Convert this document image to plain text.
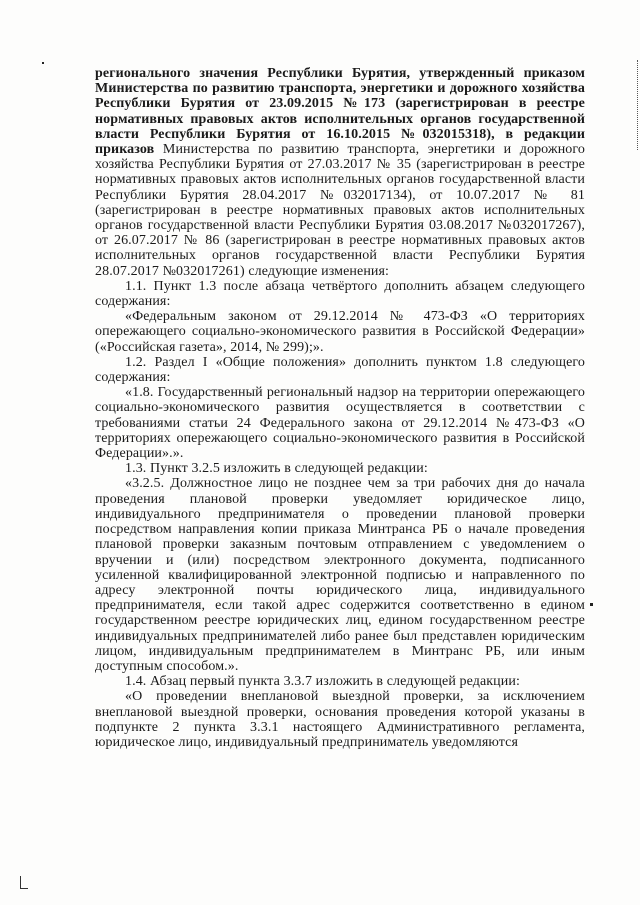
регионального значения Республики Бурятия, утвержденный приказом Министерства по развитию транспорта, энергетики и дорожного хозяйства Республики Бурятия от 23.09.2015 №173 (зарегистрирован в реестре нормативных правовых актов исполнительных органов государственной власти Республики Бурятия от 16.10.2015 №032015318), в редакции приказов Министерства по развитию транспорта, энергетики и дорожного хозяйства Республики Бурятия от 27.03.2017 № 35 (зарегистрирован в реестре нормативных правовых актов исполнительных органов государственной власти Республики Бурятия 28.04.2017 №032017134), от 10.07.2017 № 81 (зарегистрирован в реестре нормативных правовых актов исполнительных органов государственной власти Республики Бурятия 03.08.2017 №032017267), от 26.07.2017 № 86 (зарегистрирован в реестре нормативных правовых актов исполнительных органов государственной власти Республики Бурятия 28.07.2017 №032017261) следующие изменения:

1.1. Пункт 1.3 после абзаца четвёртого дополнить абзацем следующего содержания:

«Федеральным законом от 29.12.2014 № 473-ФЗ «О территориях опережающего социально-экономического развития в Российской Федерации» («Российская газета», 2014, № 299);».

1.2. Раздел I «Общие положения» дополнить пунктом 1.8 следующего содержания:

«1.8. Государственный региональный надзор на территории опережающего социально-экономического развития осуществляется в соответствии с требованиями статьи 24 Федерального закона от 29.12.2014 №473-ФЗ «О территориях опережающего социально-экономического развития в Российской Федерации».».

1.3. Пункт 3.2.5 изложить в следующей редакции:

«3.2.5. Должностное лицо не позднее чем за три рабочих дня до начала проведения плановой проверки уведомляет юридическое лицо, индивидуального предпринимателя о проведении плановой проверки посредством направления копии приказа Минтранса РБ о начале проведения плановой проверки заказным почтовым отправлением с уведомлением о вручении и (или) посредством электронного документа, подписанного усиленной квалифицированной электронной подписью и направленного по адресу электронной почты юридического лица, индивидуального предпринимателя, если такой адрес содержится соответственно в едином государственном реестре юридических лиц, едином государственном реестре индивидуальных предпринимателей либо ранее был представлен юридическим лицом, индивидуальным предпринимателем в Минтранс РБ, или иным доступным способом.».

1.4. Абзац первый пункта 3.3.7 изложить в следующей редакции:

«О проведении внеплановой выездной проверки, за исключением внеплановой выездной проверки, основания проведения которой указаны в подпункте 2 пункта 3.3.1 настоящего Административного регламента, юридическое лицо, индивидуальный предприниматель уведомляются
